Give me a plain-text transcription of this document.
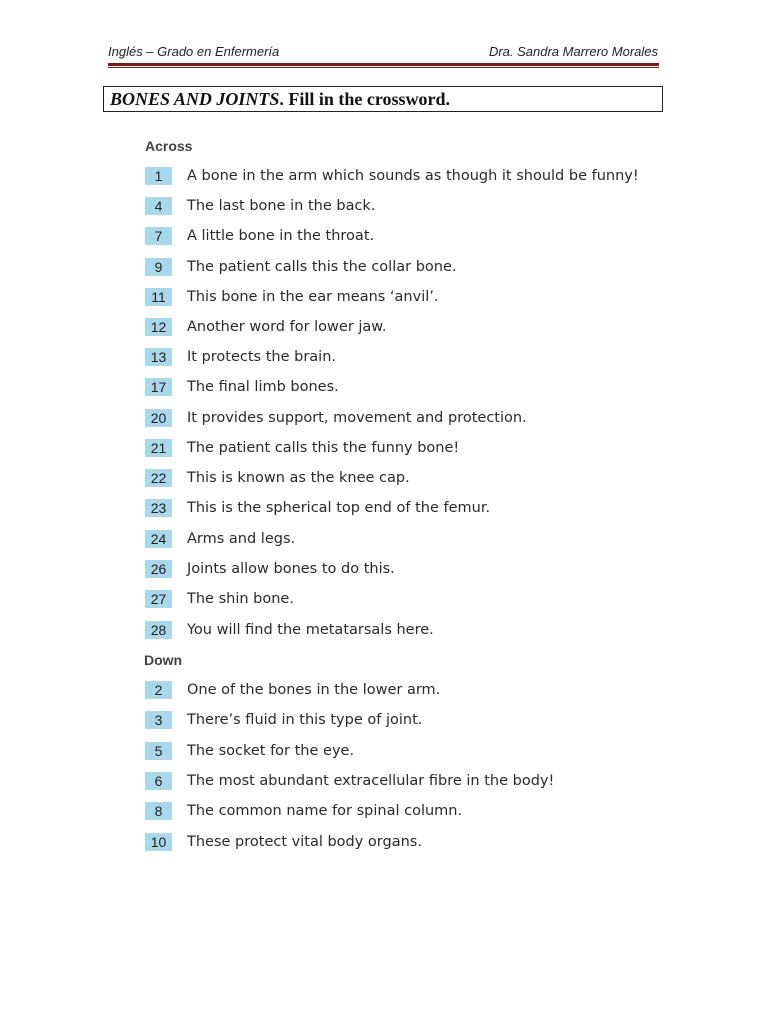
Inglés – Grado en Enfermería	Dra. Sandra Marrero Morales
BONES AND JOINTS. Fill in the crossword.
Across
1	A bone in the arm which sounds as though it should be funny!
4	The last bone in the back.
7	A little bone in the throat.
9	The patient calls this the collar bone.
11	This bone in the ear means ‘anvil’.
12	Another word for lower jaw.
13	It protects the brain.
17	The final limb bones.
20	It provides support, movement and protection.
21	The patient calls this the funny bone!
22	This is known as the knee cap.
23	This is the spherical top end of the femur.
24	Arms and legs.
26	Joints allow bones to do this.
27	The shin bone.
28	You will find the metatarsals here.
Down
2	One of the bones in the lower arm.
3	There’s fluid in this type of joint.
5	The socket for the eye.
6	The most abundant extracellular fibre in the body!
8	The common name for spinal column.
10	These protect vital body organs.
